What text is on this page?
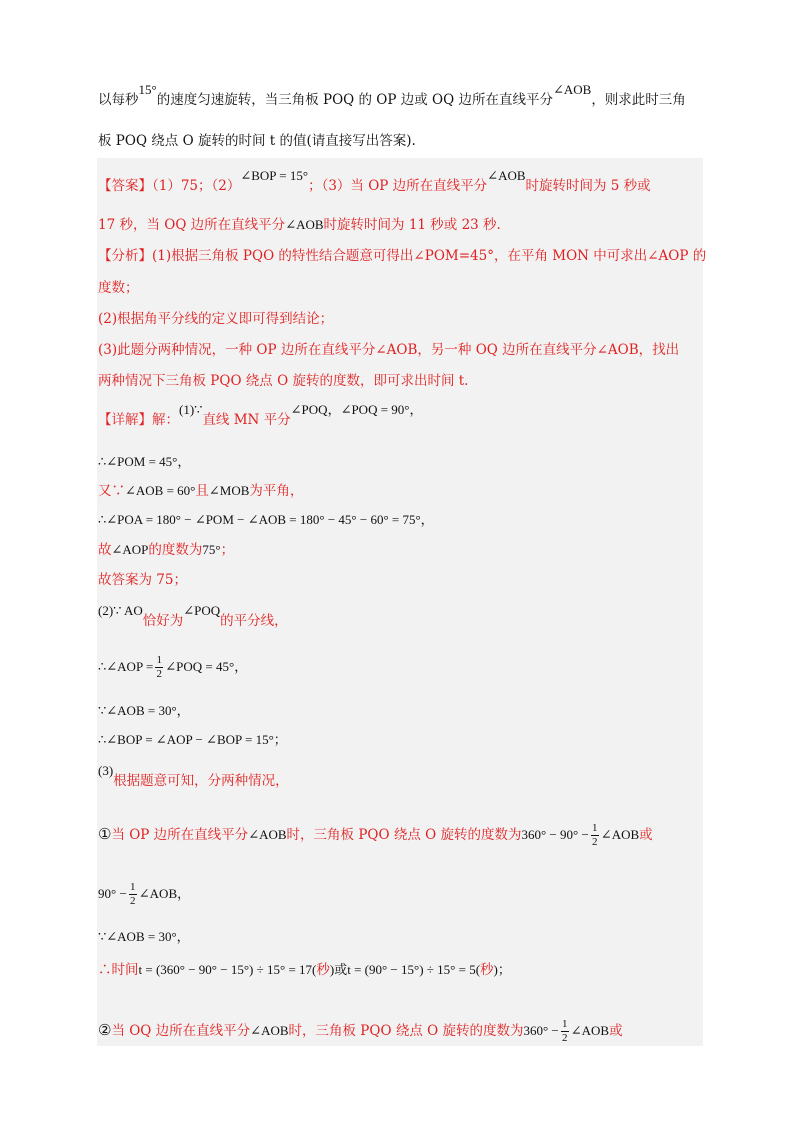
以每秒15°的速度匀速旋转，当三角板 POQ 的 OP 边或 OQ 边所在直线平分∠AOB，则求此时三角
板 POQ 绕点 O 旋转的时间 t 的值(请直接写出答案).
【答案】（1）75；（2）∠BOP = 15°；（3）当 OP 边所在直线平分∠AOB时旋转时间为 5 秒或
17 秒，当 OQ 边所在直线平分∠AOB时旋转时间为 11 秒或 23 秒.
【分析】(1)根据三角板 PQO 的特性结合题意可得出∠POM=45°，在平角 MON 中可求出∠AOP 的
度数；
(2)根据角平分线的定义即可得到结论；
(3)此题分两种情况，一种 OP 边所在直线平分∠AOB，另一种 OQ 边所在直线平分∠AOB，找出
两种情况下三角板 PQO 绕点 O 旋转的度数，即可求出时间 t.
【详解】解：(1)∵直线 MN 平分∠POQ，∠POQ = 90°，
∴∠POM = 45°，
又∵∠AOB = 60°且∠MOB为平角，
∴∠POA = 180° − ∠POM − ∠AOB = 180° − 45° − 60° = 75°，
故∠AOP的度数为75°；
故答案为 75；
(2)∵ AO恰好为∠POQ的平分线，
∴∠AOP = $\frac{1}{2}$ ∠POQ = 45°，
∵∠AOB = 30°，
∴∠BOP = ∠AOP − ∠BOP = 15°；
(3)根据题意可知，分两种情况，
①当 OP 边所在直线平分∠AOB时，三角板 PQO 绕点 O 旋转的度数为$360^\circ - 90^\circ - \frac{1}{2}$ ∠AOB或
$90^\circ - \frac{1}{2}$ ∠AOB，
∵∠AOB = 30°，
∴时间t = (360° − 90° − 15°) ÷ 15° = 17(秒)或t = (90° − 15°) ÷ 15° = 5(秒)；
②当 OQ 边所在直线平分∠AOB时，三角板 PQO 绕点 O 旋转的度数为$360^\circ - \frac{1}{2}$ ∠AOB或
